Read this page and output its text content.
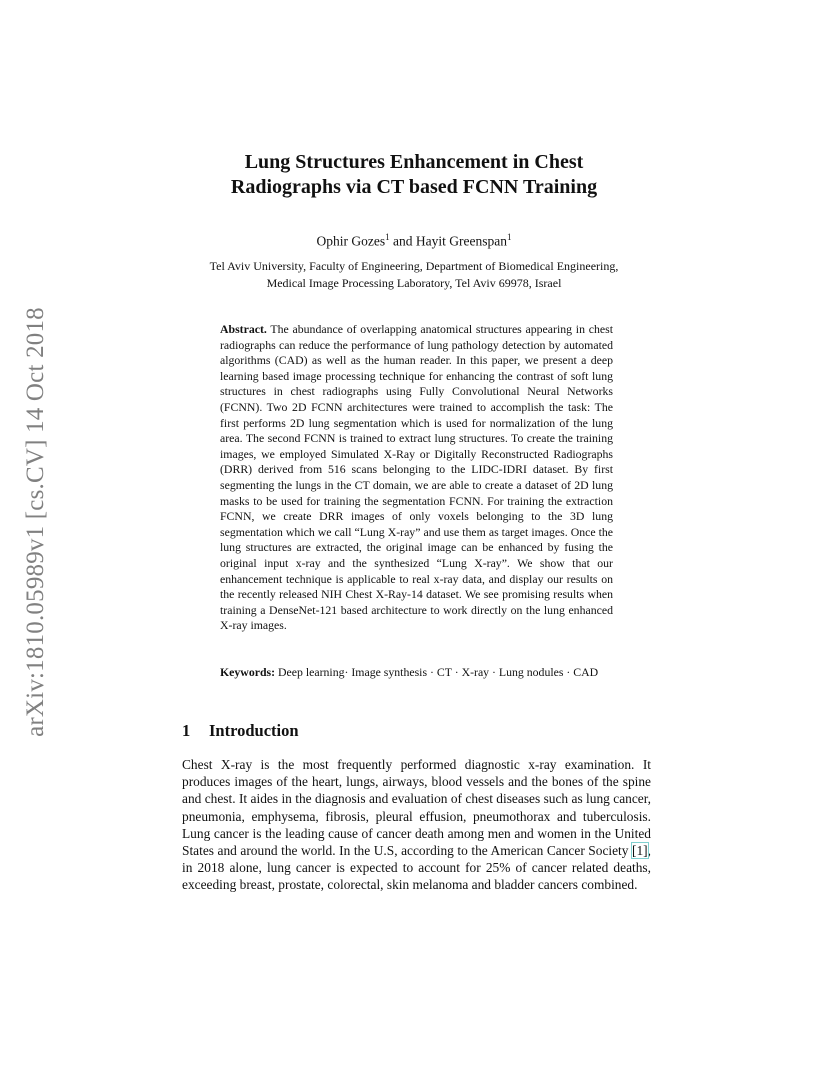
arXiv:1810.05989v1 [cs.CV] 14 Oct 2018
Lung Structures Enhancement in Chest
Radiographs via CT based FCNN Training
Ophir Gozes$^1$ and Hayit Greenspan$^1$
Tel Aviv University, Faculty of Engineering, Department of Biomedical Engineering,
Medical Image Processing Laboratory, Tel Aviv 69978, Israel
Abstract. The abundance of overlapping anatomical structures appearing in chest radiographs can reduce the performance of lung pathology detection by automated algorithms (CAD) as well as the human reader. In this paper, we present a deep learning based image processing technique for enhancing the contrast of soft lung structures in chest radiographs using Fully Convolutional Neural Networks (FCNN). Two 2D FCNN architectures were trained to accomplish the task: The first performs 2D lung segmentation which is used for normalization of the lung area. The second FCNN is trained to extract lung structures. To create the training images, we employed Simulated X-Ray or Digitally Reconstructed Radiographs (DRR) derived from 516 scans belonging to the LIDC-IDRI dataset. By first segmenting the lungs in the CT domain, we are able to create a dataset of 2D lung masks to be used for training the segmentation FCNN. For training the extraction FCNN, we create DRR images of only voxels belonging to the 3D lung segmentation which we call “Lung X-ray” and use them as target images. Once the lung structures are extracted, the original image can be enhanced by fusing the original input x-ray and the synthesized “Lung X-ray”. We show that our enhancement technique is applicable to real x-ray data, and display our results on the recently released NIH Chest X-Ray-14 dataset. We see promising results when training a DenseNet-121 based architecture to work directly on the lung enhanced X-ray images.
Keywords: Deep learning· Image synthesis · CT · X-ray · Lung nodules · CAD
1 Introduction
Chest X-ray is the most frequently performed diagnostic x-ray examination. It produces images of the heart, lungs, airways, blood vessels and the bones of the spine and chest. It aides in the diagnosis and evaluation of chest diseases such as lung cancer, pneumonia, emphysema, fibrosis, pleural effusion, pneumothorax and tuberculosis. Lung cancer is the leading cause of cancer death among men and women in the United States and around the world. In the U.S, according to the American Cancer Society [1], in 2018 alone, lung cancer is expected to account for 25% of cancer related deaths, exceeding breast, prostate, colorectal, skin melanoma and bladder cancers combined.
